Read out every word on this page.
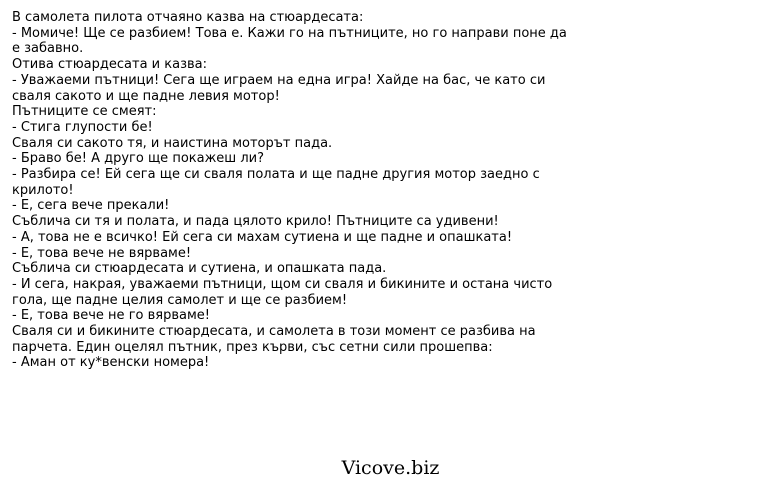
В самолета пилота отчаяно казва на стюардесата:

- Момиче! Ще се разбием! Това е. Кажи го на пътниците, но го направи поне да

е забавно.

Отива стюардесата и казва:

- Уважаеми пътници! Сега ще играем на една игра! Хайде на бас, че като си

сваля сакото и ще падне левия мотор!

Пътниците се смеят:

- Стига глупости бе!

Сваля си сакото тя, и наистина моторът пада.

- Браво бе! А друго ще покажеш ли?

- Разбира се! Ей сега ще си сваля полата и ще падне другия мотор заедно с

крилото!

- Е, сега вече прекали!

Съблича си тя и полата, и пада цялото крило! Пътниците са удивени!

- А, това не е всичко! Ей сега си махам сутиена и ще падне и опашката!

- Е, това вече не вярваме!

Съблича си стюардесата и сутиена, и опашката пада.

- И сега, накрая, уважаеми пътници, щом си сваля и бикините и остана чисто

гола, ще падне целия самолет и ще се разбием!

- Е, това вече не го вярваме!

Сваля си и бикините стюардесата, и самолета в този момент се разбива на

парчета. Един оцелял пътник, през кърви, със сетни сили прошепва:

- Аман от ку*венски номера!

Vicove.biz
